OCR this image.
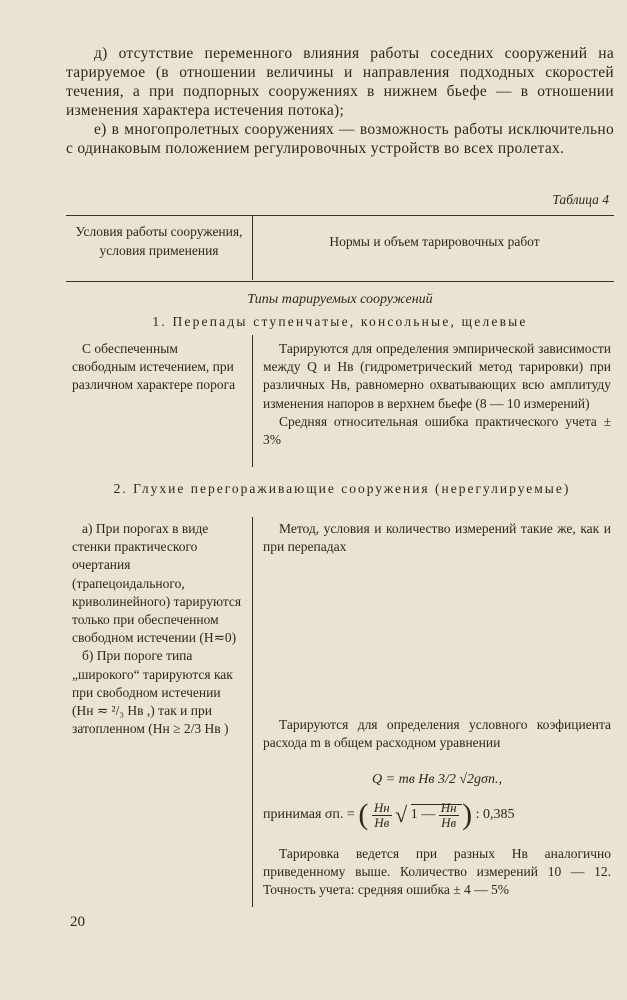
д) отсутствие переменного влияния работы соседних сооружений на тарируемое (в отношении величины и направления подходных скоростей течения, а при подпорных сооружениях в нижнем бьефе — в отношении изменения характера истечения потока);

е) в многопролетных сооружениях — возможность работы исключительно с одинаковым положением регулировочных устройств во всех пролетах.

Таблица 4
Условия работы сооружения, условия применения
Нормы и объем тарировочных работ
Типы тарируемых сооружений
1. Перепады ступенчатые, консольные, щелевые

С обеспеченным свободным истечением, при различном характере порога

Тарируются для определения эмпирической зависимости между Q и Hв (гидрометрический метод тарировки) при различных Hв, равномерно охватывающих всю амплитуду изменения напоров в верхнем бьефе (8 — 10 измерений)

Средняя относительная ошибка практического учета ± 3%

2. Глухие перегораживающие сооружения (нерегулируемые)

а) При порогах в виде стенки практического очертания (трапецоидального, криволинейного) тарируются только при обеспеченном свободном истечении (H≂0)

б) При пороге типа „широкого“ тарируются как при свободном истечении (Hн ≂ ²/₃ Hв ,) так и при затопленном (Hн ≥ 2/3 Hв )

Метод, условия и количество измерений такие же, как и при перепадах

Тарируются для определения условного коэфициента расхода m в общем расходном уравнении

Q = mв Hв 3/2 √2gσп.,
принимая σп. = ( $\frac{Hн}{Hв}$ √ 1 — $\frac{Hн}{Hв}$ ) : 0,385

Тарировка ведется при разных Hв аналогично приведенному выше. Количество измерений 10 — 12. Точность учета: средняя ошибка ± 4 — 5%

20
